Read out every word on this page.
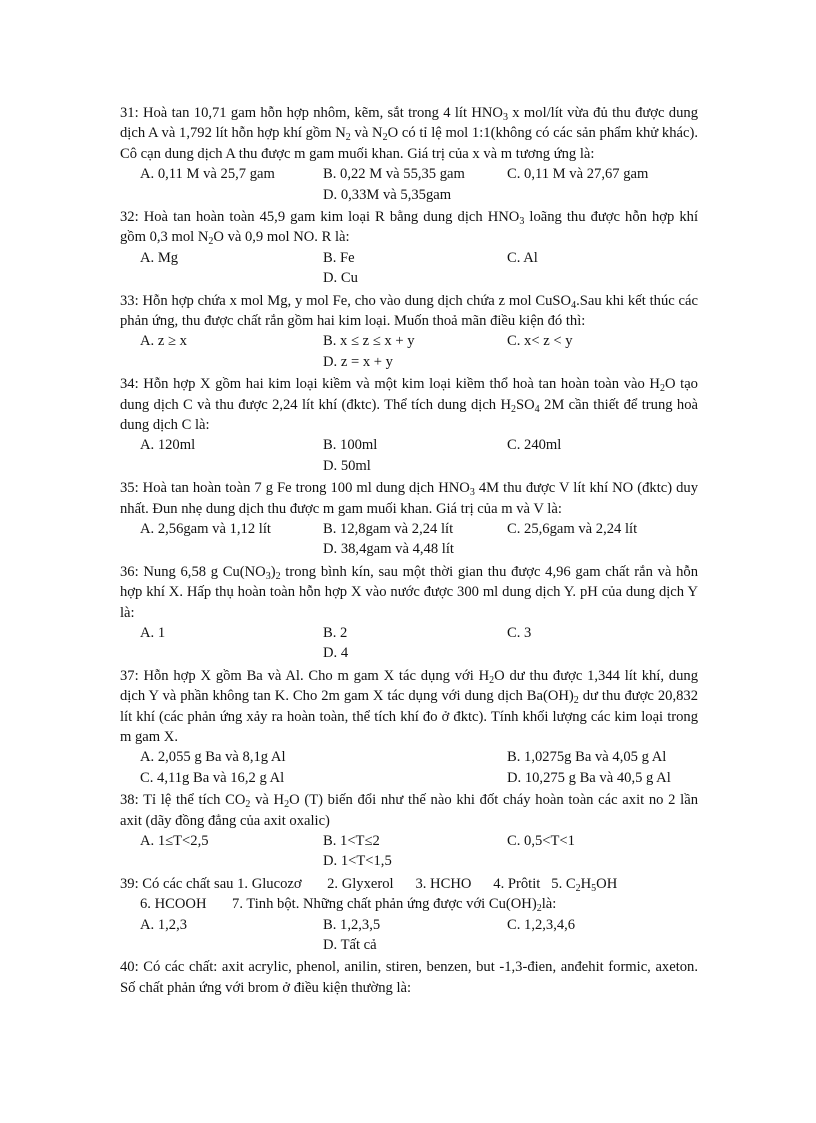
31: Hoà tan 10,71 gam hỗn hợp nhôm, kẽm, sắt trong 4 lít $HNO_3$ x mol/lít vừa đủ thu được dung dịch A và 1,792 lít hỗn hợp khí gồm $N_2$ và $N_2O$ có tỉ lệ mol 1:1(không có các sản phẩm khử khác). Cô cạn dung dịch A thu được m gam muối khan. Giá trị của x và m tương ứng là:
A. 0,11 M và 25,7 gam	B. 0,22 M và 55,35 gam	C. 0,11 M và 27,67 gam
D. 0,33M và 5,35gam
32: Hoà tan hoàn toàn 45,9 gam kim loại R bằng dung dịch $HNO_3$ loãng thu được hỗn hợp khí gồm 0,3 mol $N_2O$ và 0,9 mol NO. R là:
A. Mg	B. Fe	C. Al
D. Cu
33: Hỗn hợp chứa x mol Mg, y mol Fe, cho vào dung dịch chứa z mol CuSO$_4$.Sau khi kết thúc các phản ứng, thu được chất rắn gồm hai kim loại. Muốn thoả mãn điều kiện đó thì:
A. z ≥ x	B. x ≤ z ≤ x + y	C. x< z < y
D. z = x + y
34: Hỗn hợp X gồm hai kim loại kiềm và một kim loại kiềm thổ hoà tan hoàn toàn vào $H_2O$ tạo dung dịch C và thu được 2,24 lít khí (đktc). Thể tích dung dịch $H_2SO_4$ 2M cần thiết để trung hoà dung dịch C là:
A. 120ml	B. 100ml	C. 240ml
D. 50ml
35: Hoà tan hoàn toàn 7 g Fe trong 100 ml dung dịch $HNO_3$ 4M thu được V lít khí NO (đktc) duy nhất. Đun nhẹ dung dịch thu được m gam muối khan. Giá trị của m và V là:
A. 2,56gam và 1,12 lít	B. 12,8gam và 2,24 lít	C. 25,6gam và 2,24 lít
D. 38,4gam và 4,48 lít
36: Nung 6,58 g $Cu(NO_3)_2$ trong bình kín, sau một thời gian thu được 4,96 gam chất rắn và hỗn hợp khí X. Hấp thụ hoàn toàn hỗn hợp X vào nước được 300 ml dung dịch Y. pH của dung dịch Y là:
A. 1	B. 2	C. 3
D. 4
37: Hỗn hợp X gồm Ba và Al. Cho m gam X tác dụng với $H_2O$ dư thu được 1,344 lít khí, dung dịch Y và phần không tan K. Cho 2m gam X tác dụng với dung dịch $Ba(OH)_2$ dư thu được 20,832 lít khí (các phản ứng xảy ra hoàn toàn, thể tích khí đo ở đktc). Tính khối lượng các kim loại trong m gam X.
A. 2,055 g Ba và 8,1g Al	B. 1,0275g Ba và 4,05 g Al
C. 4,11g Ba và 16,2 g Al	D. 10,275 g Ba và 40,5 g Al
38: Tỉ lệ thể tích $CO_2$ và $H_2O$ (T) biến đổi như thế nào khi đốt cháy hoàn toàn các axit no 2 lần axit (dãy đồng đẳng của axit oxalic)
A. 1≤T<2,5	B. 1<T≤2	C. 0,5<T<1
D. 1<T<1,5
39: Có các chất sau 1. Glucozơ       2. Glyxerol      3. HCHO      4. Prôtit   5. $C_2H_5OH$
6. HCOOH       7. Tinh bột. Những chất phản ứng được với $Cu(OH)_2là$:
A. 1,2,3	B. 1,2,3,5	C. 1,2,3,4,6
D. Tất cả
40: Có các chất: axit acrylic, phenol, anilin, stiren, benzen, but -1,3-đien, anđehit formic, axeton. Số chất phản ứng với brom ở điều kiện thường là:
